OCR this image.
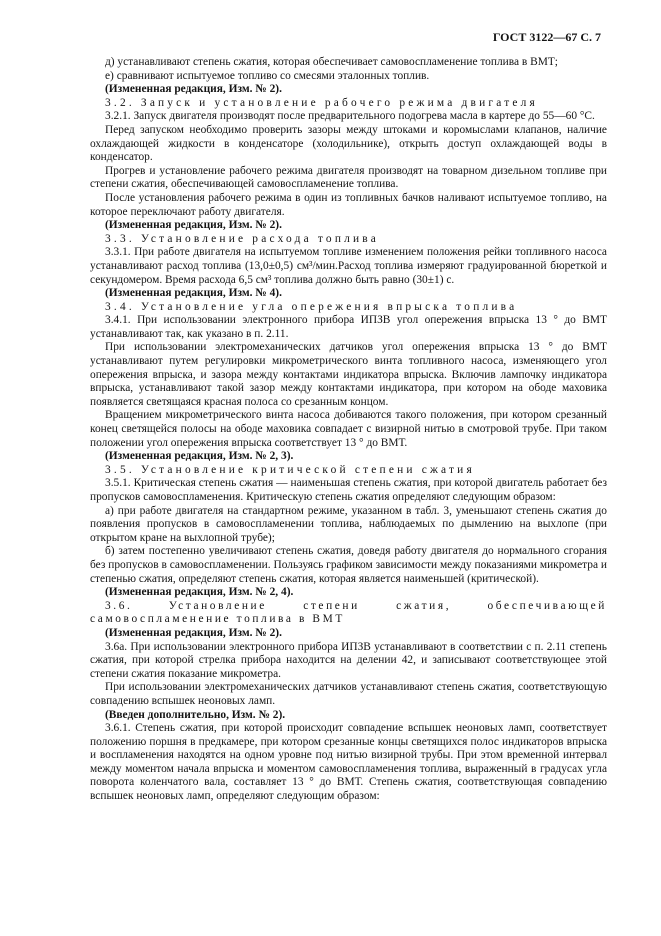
ГОСТ 3122—67 С. 7

д) устанавливают степень сжатия, которая обеспечивает самовоспламенение топлива в ВМТ;

е) сравнивают испытуемое топливо со смесями эталонных топлив.

(Измененная редакция, Изм. № 2).

3.2. Запуск и установление рабочего режима двигателя

3.2.1. Запуск двигателя производят после предварительного подогрева масла в картере до 55—60 °С.

Перед запуском необходимо проверить зазоры между штоками и коромыслами клапанов, наличие охлаждающей жидкости в конденсаторе (холодильнике), открыть доступ охлаждающей воды в конденсатор.

Прогрев и установление рабочего режима двигателя производят на товарном дизельном топливе при степени сжатия, обеспечивающей самовоспламенение топлива.

После установления рабочего режима в один из топливных бачков наливают испытуемое топливо, на которое переключают работу двигателя.

(Измененная редакция, Изм. № 2).

3.3. Установление расхода топлива

3.3.1. При работе двигателя на испытуемом топливе изменением положения рейки топливного насоса устанавливают расход топлива (13,0±0,5) см³/мин.Расход топлива измеряют градуированной бюреткой и секундомером. Время расхода 6,5 см³ топлива должно быть равно (30±1) с.

(Измененная редакция, Изм. № 4).

3.4. Установление угла опережения впрыска топлива

3.4.1. При использовании электронного прибора ИПЗВ угол опережения впрыска 13 ° до ВМТ устанавливают так, как указано в п. 2.11.

При использовании электромеханических датчиков угол опережения впрыска 13 ° до ВМТ устанавливают путем регулировки микрометрического винта топливного насоса, изменяющего угол опережения впрыска, и зазора между контактами индикатора впрыска. Включив лампочку индикатора впрыска, устанавливают такой зазор между контактами индикатора, при котором на ободе маховика появляется светящаяся красная полоса со срезанным концом.

Вращением микрометрического винта насоса добиваются такого положения, при котором срезанный конец светящейся полосы на ободе маховика совпадает с визирной нитью в смотровой трубе. При таком положении угол опережения впрыска соответствует 13 ° до ВМТ.

(Измененная редакция, Изм. № 2, 3).

3.5. Установление критической степени сжатия

3.5.1. Критическая степень сжатия — наименьшая степень сжатия, при которой двигатель работает без пропусков самовоспламенения. Критическую степень сжатия определяют следующим образом:

а) при работе двигателя на стандартном режиме, указанном в табл. 3, уменьшают степень сжатия до появления пропусков в самовоспламенении топлива, наблюдаемых по дымлению на выхлопе (при открытом кране на выхлопной трубе);

б) затем постепенно увеличивают степень сжатия, доведя работу двигателя до нормального сгорания без пропусков в самовоспламенении. Пользуясь графиком зависимости между показаниями микрометра и степенью сжатия, определяют степень сжатия, которая является наименьшей (критической).

(Измененная редакция, Изм. № 2, 4).

3.6. Установление степени сжатия, обеспечивающей самовоспламенение топлива в ВМТ

(Измененная редакция, Изм. № 2).

3.6а. При использовании электронного прибора ИПЗВ устанавливают в соответствии с п. 2.11 степень сжатия, при которой стрелка прибора находится на делении 42, и записывают соответствующее этой степени сжатия показание микрометра.

При использовании электромеханических датчиков устанавливают степень сжатия, соответствующую совпадению вспышек неоновых ламп.

(Введен дополнительно, Изм. № 2).

3.6.1. Степень сжатия, при которой происходит совпадение вспышек неоновых ламп, соответствует положению поршня в предкамере, при котором срезанные концы светящихся полос индикаторов впрыска и воспламенения находятся на одном уровне под нитью визирной трубы. При этом временной интервал между моментом начала впрыска и моментом самовоспламенения топлива, выраженный в градусах угла поворота коленчатого вала, составляет 13 ° до ВМТ. Степень сжатия, соответствующая совпадению вспышек неоновых ламп, определяют следующим образом:
